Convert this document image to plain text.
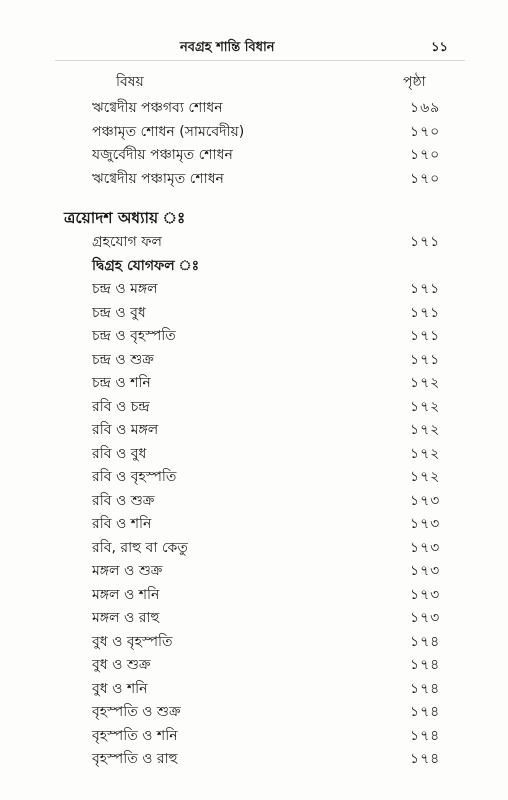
নবগ্রহ শান্তি বিধান	১১
বিষয়	পৃষ্ঠা
ঋগ্বেদীয় পঞ্চগব্য শোধন	১৬৯
পঞ্চামৃত শোধন (সামবেদীয়)	১৭০
যজুর্বেদীয় পঞ্চামৃত শোধন	১৭০
ঋগ্বেদীয় পঞ্চামৃত শোধন	১৭০
ত্রয়োদশ অধ্যায় ঃ
গ্রহযোগ ফল	১৭১
দ্বিগ্রহ যোগফল ঃ
চন্দ্র ও মঙ্গল	১৭১
চন্দ্র ও বুধ	১৭১
চন্দ্র ও বৃহস্পতি	১৭১
চন্দ্র ও শুক্র	১৭১
চন্দ্র ও শনি	১৭২
রবি ও চন্দ্র	১৭২
রবি ও মঙ্গল	১৭২
রবি ও বুধ	১৭২
রবি ও বৃহস্পতি	১৭২
রবি ও শুক্র	১৭৩
রবি ও শনি	১৭৩
রবি, রাহু বা কেতু	১৭৩
মঙ্গল ও শুক্র	১৭৩
মঙ্গল ও শনি	১৭৩
মঙ্গল ও রাহু	১৭৩
বুধ ও বৃহস্পতি	১৭৪
বুধ ও শুক্র	১৭৪
বুধ ও শনি	১৭৪
বৃহস্পতি ও শুক্র	১৭৪
বৃহস্পতি ও শনি	১৭৪
বৃহস্পতি ও রাহু	১৭৪
